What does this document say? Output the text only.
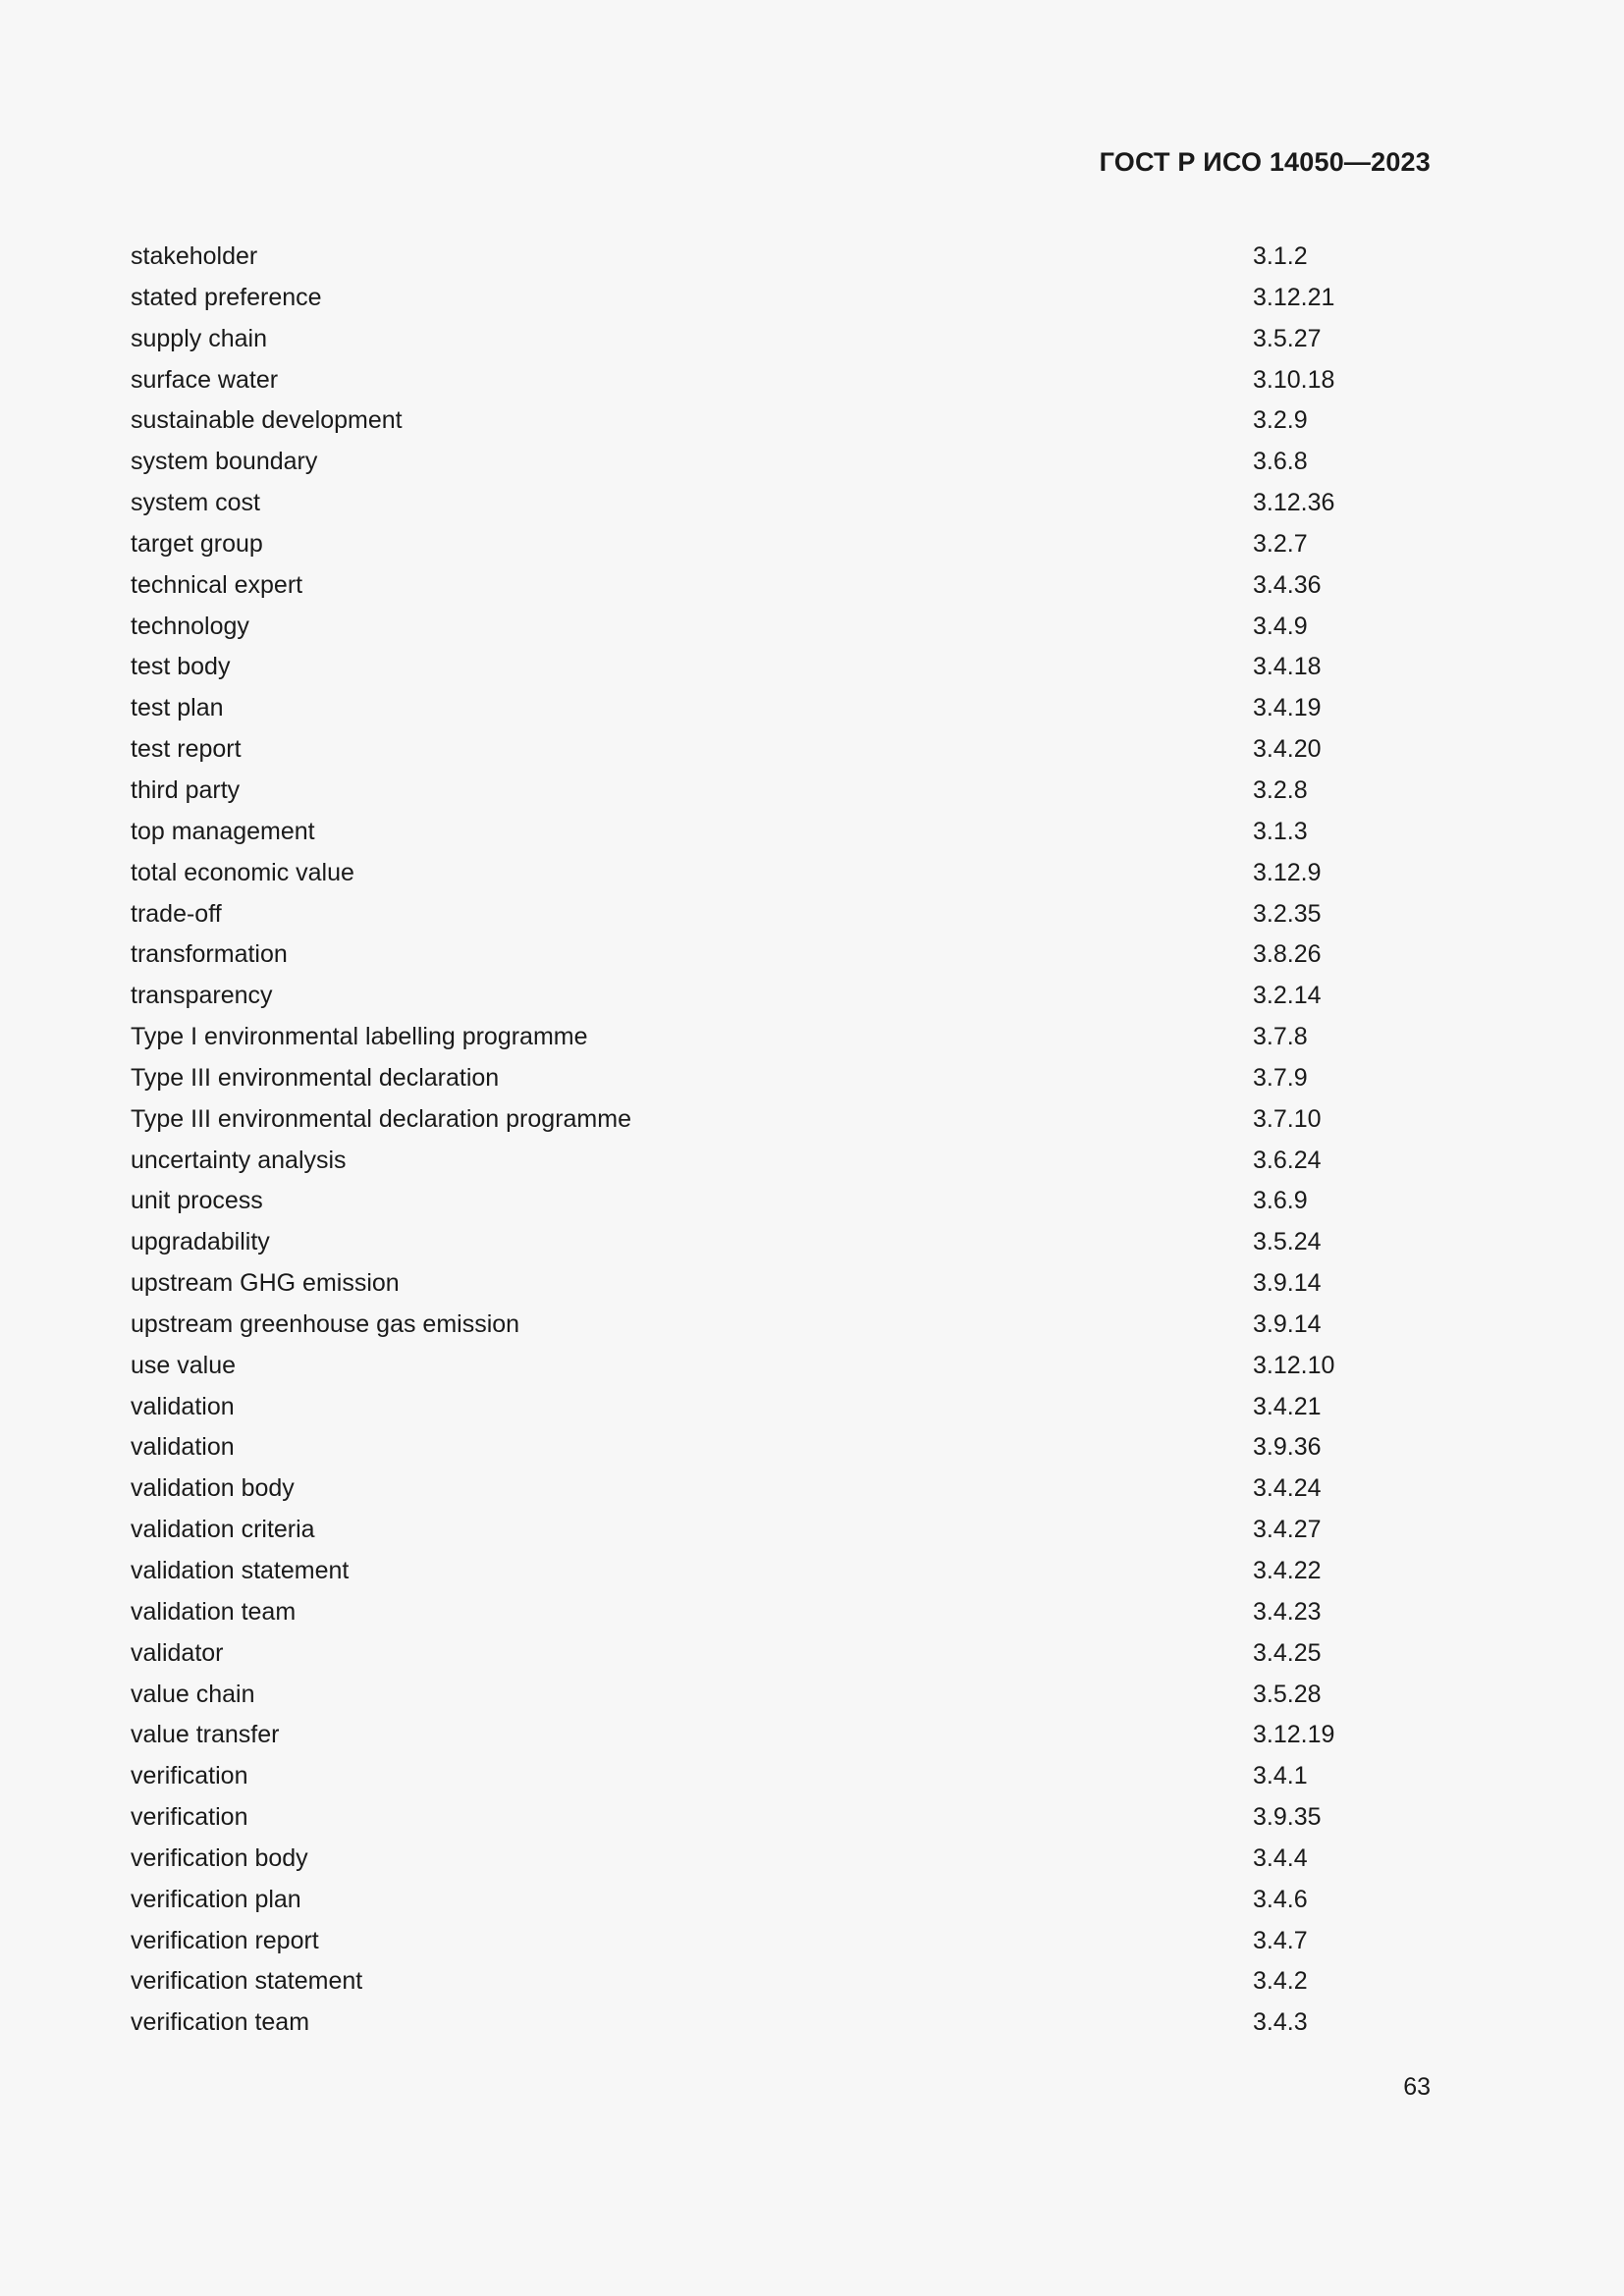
ГОСТ Р ИСО 14050—2023
stakeholder	3.1.2
stated preference	3.12.21
supply chain	3.5.27
surface water	3.10.18
sustainable development	3.2.9
system boundary	3.6.8
system cost	3.12.36
target group	3.2.7
technical expert	3.4.36
technology	3.4.9
test body	3.4.18
test plan	3.4.19
test report	3.4.20
third party	3.2.8
top management	3.1.3
total economic value	3.12.9
trade-off	3.2.35
transformation	3.8.26
transparency	3.2.14
Type I environmental labelling programme	3.7.8
Type III environmental declaration	3.7.9
Type III environmental declaration programme	3.7.10
uncertainty analysis	3.6.24
unit process	3.6.9
upgradability	3.5.24
upstream GHG emission	3.9.14
upstream greenhouse gas emission	3.9.14
use value	3.12.10
validation	3.4.21
validation	3.9.36
validation body	3.4.24
validation criteria	3.4.27
validation statement	3.4.22
validation team	3.4.23
validator	3.4.25
value chain	3.5.28
value transfer	3.12.19
verification	3.4.1
verification	3.9.35
verification body	3.4.4
verification plan	3.4.6
verification report	3.4.7
verification statement	3.4.2
verification team	3.4.3
63
